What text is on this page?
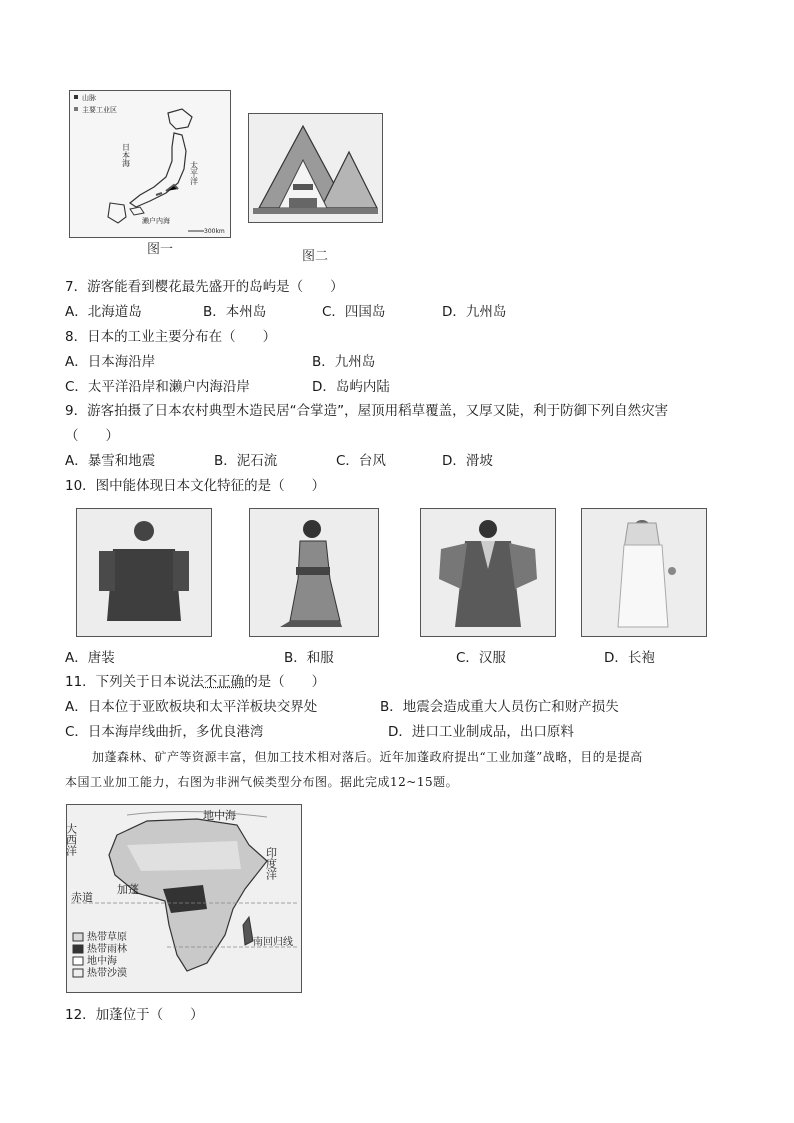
山脉
主要工业区
日本海
太平洋
濑户内海
300km
图一	图二
7．游客能看到樱花最先盛开的岛屿是（　　）
A．北海道岛	B．本州岛	C．四国岛	D．九州岛
8．日本的工业主要分布在（　　）
A．日本海沿岸	B．九州岛
C．太平洋沿岸和濑户内海沿岸	D．岛屿内陆
9．游客拍摄了日本农村典型木造民居“合掌造”，屋顶用稻草覆盖，又厚又陡，利于防御下列自然灾害
（　　）
A．暴雪和地震	B．泥石流	C．台风	D．滑坡
10．图中能体现日本文化特征的是（　　）
A．唐装	B．和服	C．汉服	D．长袍
11．下列关于日本说法不正确的是（　　）
A．日本位于亚欧板块和太平洋板块交界处	B．地震会造成重大人员伤亡和财产损失
C．日本海岸线曲折，多优良港湾	D．进口工业制成品，出口原料
加蓬森林、矿产等资源丰富，但加工技术相对落后。近年加蓬政府提出“工业加蓬”战略，目的是提高
本国工业加工能力，右图为非洲气候类型分布图。据此完成12~15题。
地中海
大西洋
印度洋
加蓬
赤道
南回归线
热带草原
热带雨林
地中海
热带沙漠
12．加蓬位于（　　）
